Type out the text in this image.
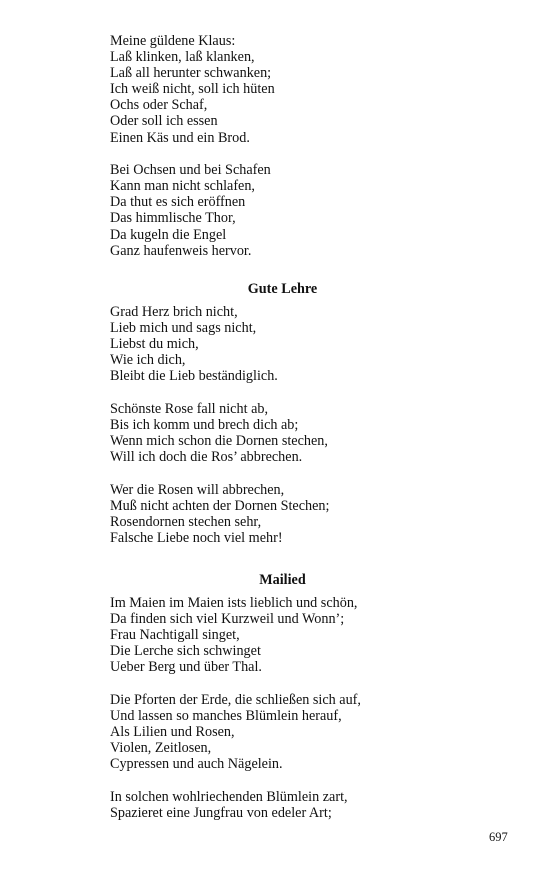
Meine güldene Klaus:
Laß klinken, laß klanken,
Laß all herunter schwanken;
Ich weiß nicht, soll ich hüten
Ochs oder Schaf,
Oder soll ich essen
Einen Käs und ein Brod.
Bei Ochsen und bei Schafen
Kann man nicht schlafen,
Da thut es sich eröffnen
Das himmlische Thor,
Da kugeln die Engel
Ganz haufenweis hervor.
Gute Lehre
Grad Herz brich nicht,
Lieb mich und sags nicht,
Liebst du mich,
Wie ich dich,
Bleibt die Lieb beständiglich.
Schönste Rose fall nicht ab,
Bis ich komm und brech dich ab;
Wenn mich schon die Dornen stechen,
Will ich doch die Ros’ abbrechen.
Wer die Rosen will abbrechen,
Muß nicht achten der Dornen Stechen;
Rosendornen stechen sehr,
Falsche Liebe noch viel mehr!
Mailied
Im Maien im Maien ists lieblich und schön,
Da finden sich viel Kurzweil und Wonn’;
Frau Nachtigall singet,
Die Lerche sich schwinget
Ueber Berg und über Thal.
Die Pforten der Erde, die schließen sich auf,
Und lassen so manches Blümlein herauf,
Als Lilien und Rosen,
Violen, Zeitlosen,
Cypressen und auch Nägelein.
In solchen wohlriechenden Blümlein zart,
Spazieret eine Jungfrau von edeler Art;
697
